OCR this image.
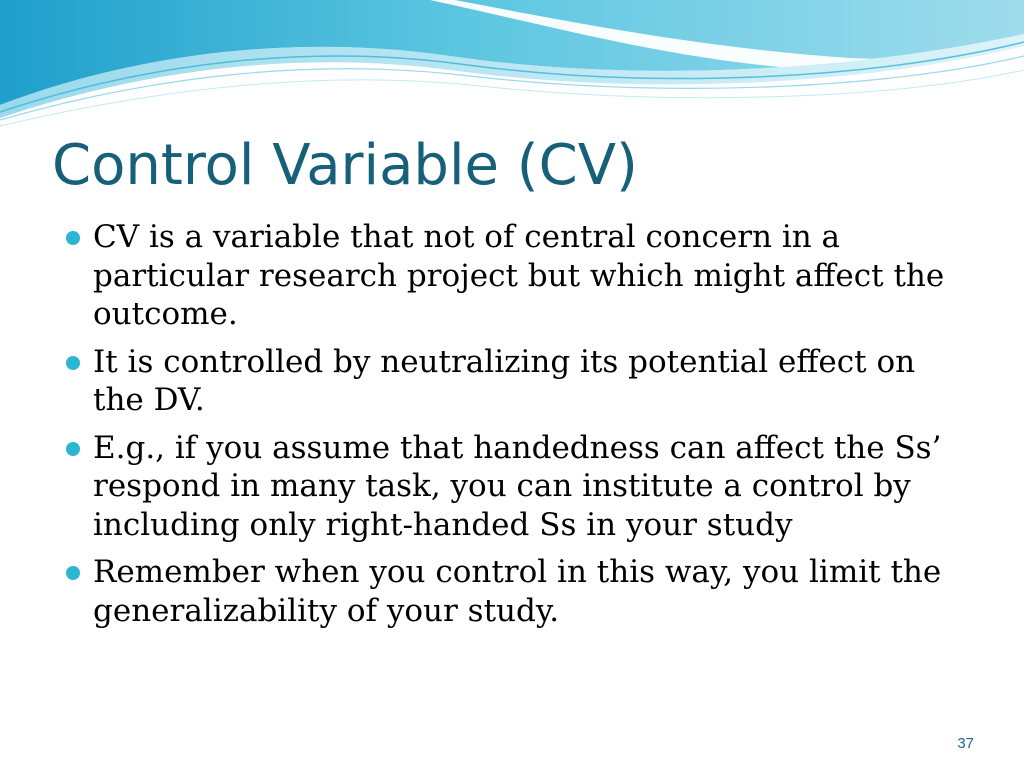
Control Variable (CV)
CV is a variable that not of central concern in a particular research project but which might affect the outcome.
It is controlled by neutralizing its potential effect on the DV.
E.g., if you assume that handedness can affect the Ss’ respond in many task, you can institute a control by including only right-handed Ss in your study
Remember when you control in this way, you limit the generalizability of your study.
37
